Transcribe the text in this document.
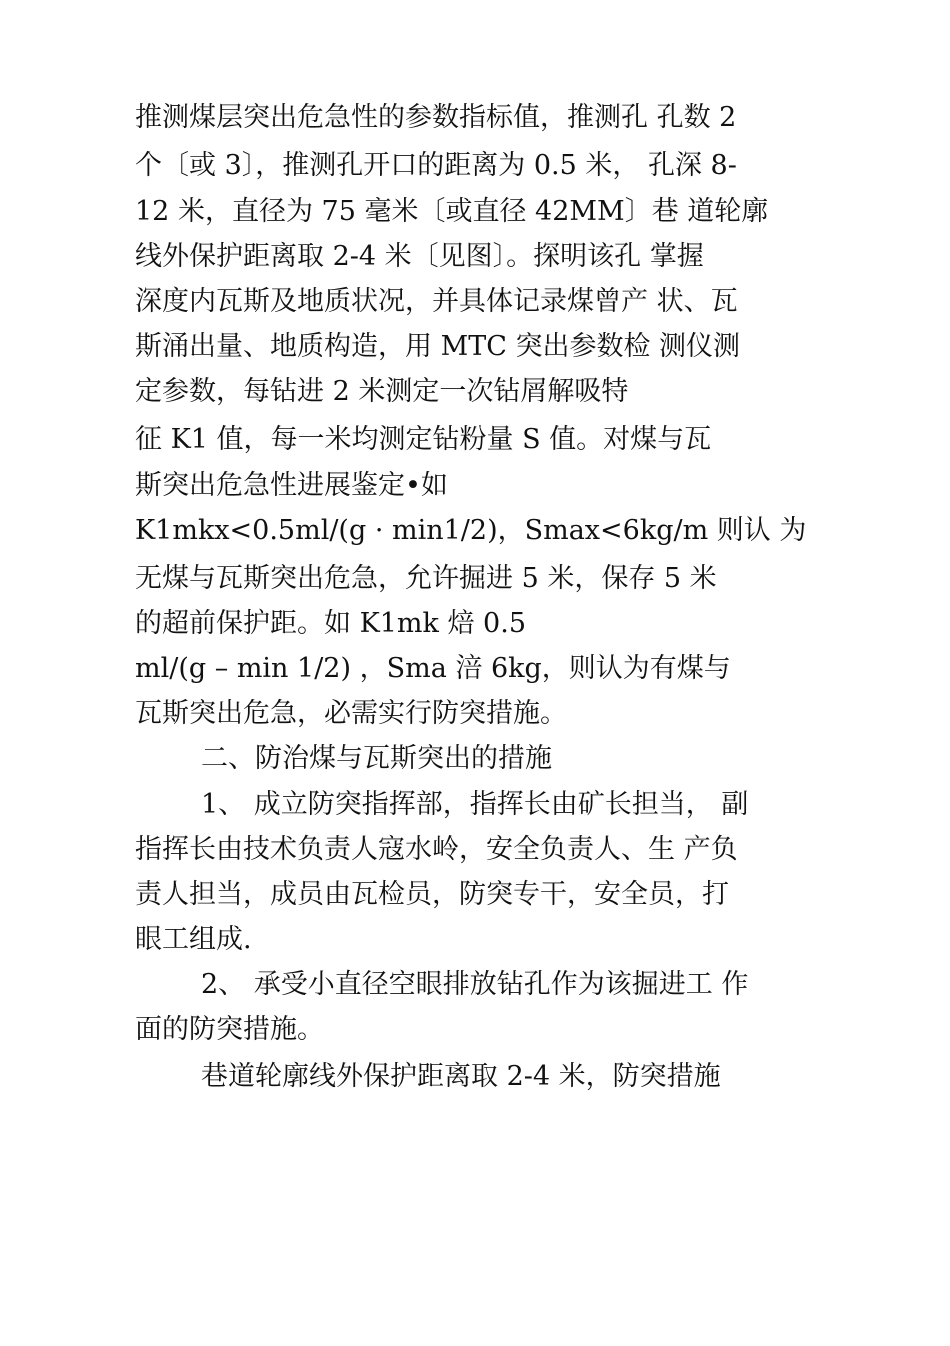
推测煤层突出危急性的参数指标值，推测孔 孔数 2
个〔或 3〕，推测孔开口的距离为 0.5 米， 孔深 8-
12 米，直径为 75 毫米〔或直径 42MM〕巷 道轮廓
线外保护距离取 2-4 米〔见图〕。探明该孔 掌握
深度内瓦斯及地质状况，并具体记录煤曾产 状、瓦
斯涌出量、地质构造，用 MTC 突出参数检 测仪测
定参数，每钻进 2 米测定一次钻屑解吸特
征 K1 值，每一米均测定钻粉量 S 值。对煤与瓦
斯突出危急性进展鉴定•如
K1mkx<0.5ml/(g · min1/2)，Smax<6kg/m 则认 为
无煤与瓦斯突出危急，允许掘进 5 米，保存 5 米
的超前保护距。如 K1mk 焙 0.5
ml/(g – min 1/2) ，Sma 涪 6kg，则认为有煤与
瓦斯突出危急，必需实行防突措施。
二、防治煤与瓦斯突出的措施
1、 成立防突指挥部，指挥长由矿长担当， 副
指挥长由技术负责人寇水岭，安全负责人、生 产负
责人担当，成员由瓦检员，防突专干，安全员，打
眼工组成.
2、 承受小直径空眼排放钻孔作为该掘进工 作
面的防突措施。
巷道轮廓线外保护距离取 2-4 米，防突措施
